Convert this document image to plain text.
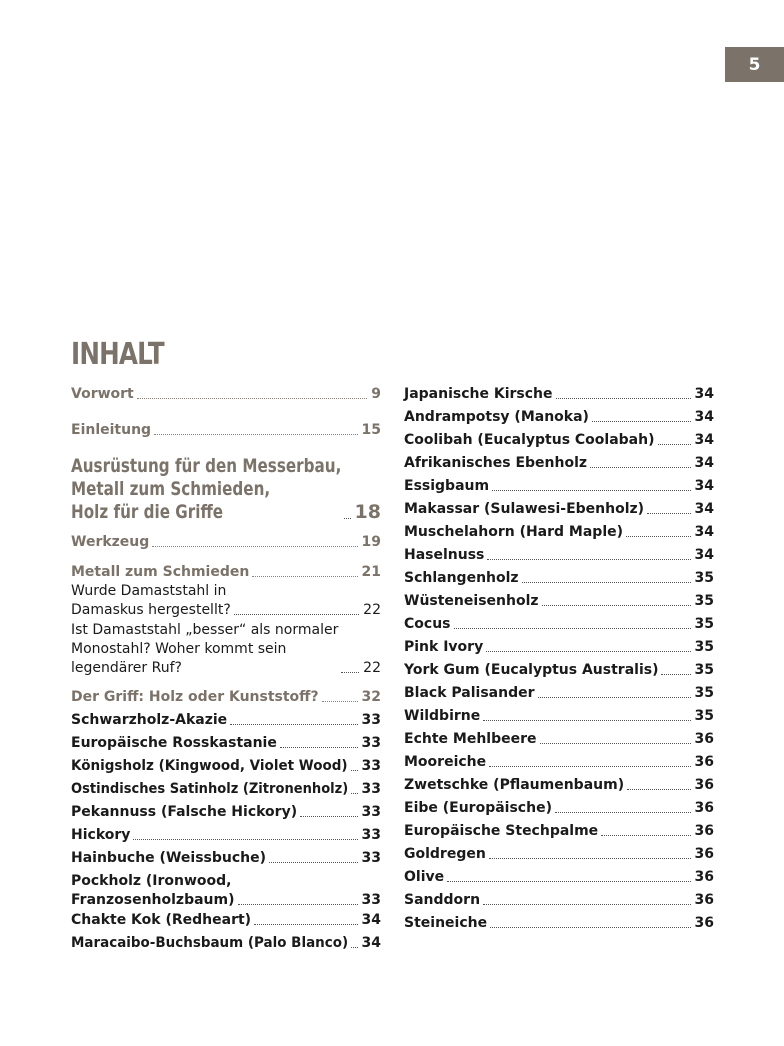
5
INHALT
Vorwort	9
Einleitung	15
Ausrüstung für den Messerbau,
Metall zum Schmieden,
Holz für die Griffe	18
Werkzeug	19
Metall zum Schmieden	21
Wurde Damaststahl in
Damaskus hergestellt?	22
Ist Damaststahl „besser“ als normaler
Monostahl? Woher kommt sein
legendärer Ruf?	22
Der Griff: Holz oder Kunststoff?	32
Schwarzholz-Akazie	33
Europäische Rosskastanie	33
Königsholz (Kingwood, Violet Wood) 33
Ostindisches Satinholz (Zitronenholz) 33
Pekannuss (Falsche Hickory)	33
Hickory	33
Hainbuche (Weissbuche)	33
Pockholz (Ironwood,
Franzosenholzbaum)	33
Chakte Kok (Redheart)	34
Maracaibo-Buchsbaum (Palo Blanco) 34
Japanische Kirsche	34
Andrampotsy (Manoka)	34
Coolibah (Eucalyptus Coolabah)	34
Afrikanisches Ebenholz	34
Essigbaum	34
Makassar (Sulawesi-Ebenholz)	34
Muschelahorn (Hard Maple)	34
Haselnuss	34
Schlangenholz	35
Wüsteneisenholz	35
Cocus	35
Pink Ivory	35
York Gum (Eucalyptus Australis)	35
Black Palisander	35
Wildbirne	35
Echte Mehlbeere	36
Mooreiche	36
Zwetschke (Pflaumenbaum)	36
Eibe (Europäische)	36
Europäische Stechpalme	36
Goldregen	36
Olive	36
Sanddorn	36
Steineiche	36
